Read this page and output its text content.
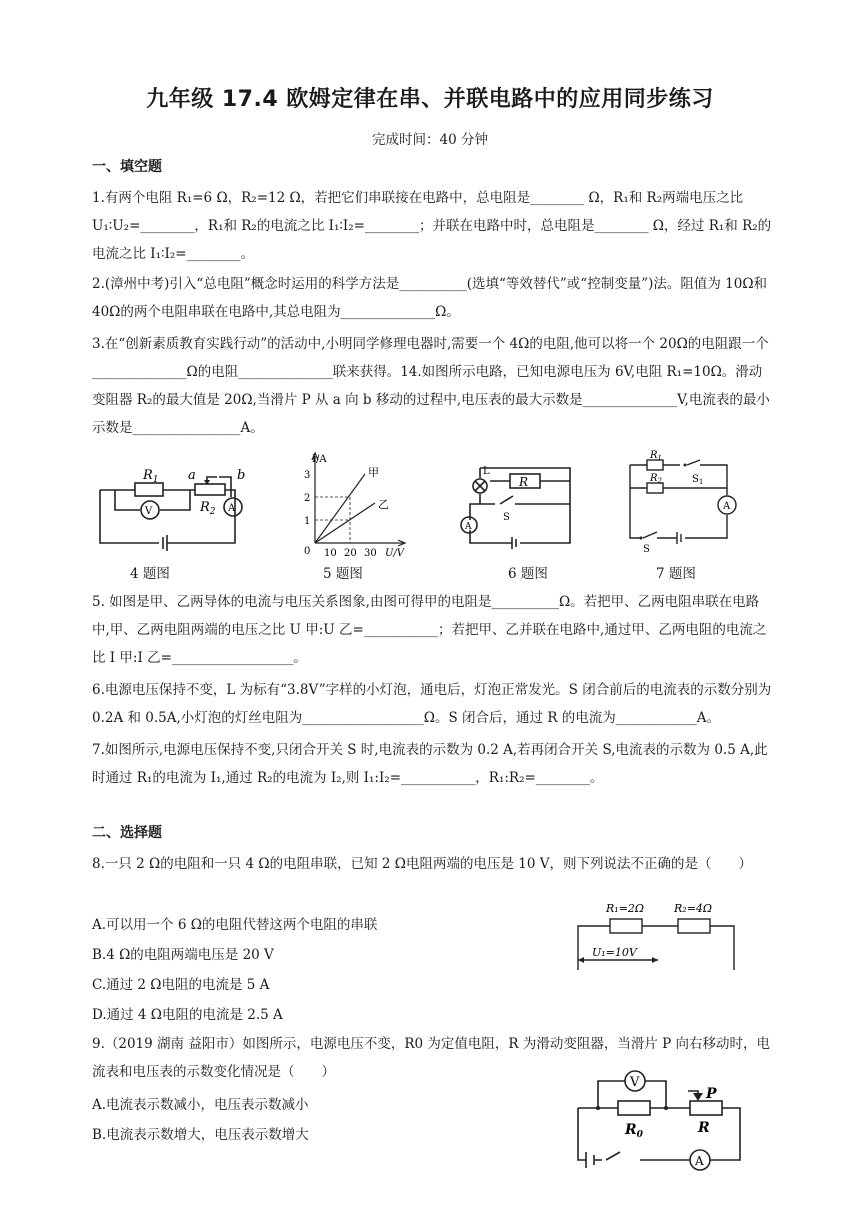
九年级 17.4 欧姆定律在串、并联电路中的应用同步练习
完成时间：40 分钟
一、填空题

1.有两个电阻 R₁=6 Ω，R₂=12 Ω，若把它们串联接在电路中，总电阻是________ Ω，R₁和 R₂两端电压之比 U₁∶U₂=________，R₁和 R₂的电流之比 I₁∶I₂=________；并联在电路中时，总电阻是________ Ω，经过 R₁和 R₂的电流之比 I₁∶I₂=________。

2.(漳州中考)引入“总电阻”概念时运用的科学方法是__________(选填“等效替代”或“控制变量”)法。阻值为 10Ω和 40Ω的两个电阻串联在电路中,其总电阻为______________Ω。

3.在“创新素质教育实践行动”的活动中,小明同学修理电器时,需要一个 4Ω的电阻,他可以将一个 20Ω的电阻跟一个______________Ω的电阻______________联来获得。14.如图所示电路，已知电源电压为 6V,电阻 R₁=10Ω。滑动变阻器 R₂的最大值是 20Ω,当滑片 P 从 a 向 b 移动的过程中,电压表的最大示数是______________V,电流表的最小示数是________________A。

$R_1$ a	b
$R_2$
V	A
I/A
U/V
甲
乙
3
2
1
0 10 20 30
L
R
S
A
$R_1$
$R_2$	$S_1$
S
A
4 题图	5 题图	6 题图	7 题图

5. 如图是甲、乙两导体的电流与电压关系图象,由图可得甲的电阻是__________Ω。若把甲、乙两电阻串联在电路中,甲、乙两电阻两端的电压之比 U 甲:U 乙=___________；若把甲、乙并联在电路中,通过甲、乙两电阻的电流之比 I 甲:I 乙=__________________。

6.电源电压保持不变，L 为标有“3.8V”字样的小灯泡，通电后，灯泡正常发光。S 闭合前后的电流表的示数分别为 0.2A 和 0.5A,小灯泡的灯丝电阻为__________________Ω。S 闭合后，通过 R 的电流为____________A。

7.如图所示,电源电压保持不变,只闭合开关 S 时,电流表的示数为 0.2 A,若再闭合开关 S,电流表的示数为 0.5 A,此时通过 R₁的电流为 I₁,通过 R₂的电流为 I₂,则 I₁:I₂=___________，R₁:R₂=________。

二、选择题

8.一只 2 Ω的电阻和一只 4 Ω的电阻串联，已知 2 Ω电阻两端的电压是 10 V，则下列说法不正确的是（　　）

A.可以用一个 6 Ω的电阻代替这两个电阻的串联
B.4 Ω的电阻两端电压是 20 V
C.通过 2 Ω电阻的电流是 5 A
D.通过 4 Ω电阻的电流是 2.5 A
R₁=2Ω	R₂=4Ω
U₁=10V

9.（2019 湖南 益阳市）如图所示，电源电压不变，R0 为定值电阻，R 为滑动变阻器，当滑片 P 向右移动时，电流表和电压表的示数变化情况是（　　）

A.电流表示数减小，电压表示数减小
B.电流表示数增大，电压表示数增大
V
P
$R_0$	R
A
